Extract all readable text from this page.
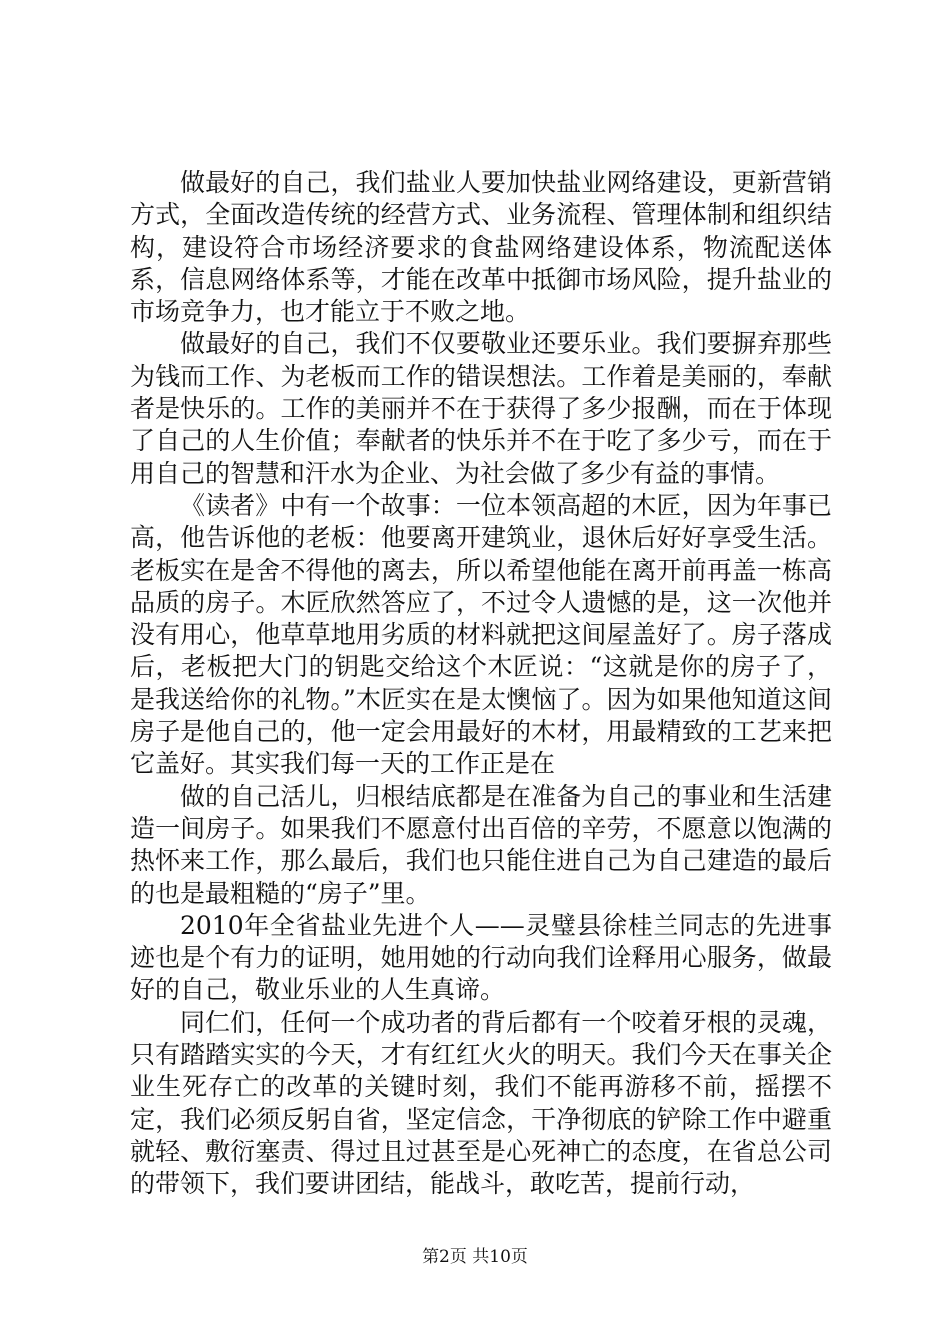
做最好的自己，我们盐业人要加快盐业网络建设，更新营销方式，全面改造传统的经营方式、业务流程、管理体制和组织结构，建设符合市场经济要求的食盐网络建设体系，物流配送体系，信息网络体系等，才能在改革中抵御市场风险，提升盐业的市场竞争力，也才能立于不败之地。

做最好的自己，我们不仅要敬业还要乐业。我们要摒弃那些为钱而工作、为老板而工作的错误想法。工作着是美丽的，奉献者是快乐的。工作的美丽并不在于获得了多少报酬，而在于体现了自己的人生价值；奉献者的快乐并不在于吃了多少亏，而在于用自己的智慧和汗水为企业、为社会做了多少有益的事情。

《读者》中有一个故事：一位本领高超的木匠，因为年事已高，他告诉他的老板：他要离开建筑业，退休后好好享受生活。老板实在是舍不得他的离去，所以希望他能在离开前再盖一栋高品质的房子。木匠欣然答应了，不过令人遗憾的是，这一次他并没有用心，他草草地用劣质的材料就把这间屋盖好了。房子落成后，老板把大门的钥匙交给这个木匠说：“这就是你的房子了，是我送给你的礼物。”木匠实在是太懊恼了。因为如果他知道这间房子是他自己的，他一定会用最好的木材，用最精致的工艺来把它盖好。其实我们每一天的工作正是在

做的自己活儿，归根结底都是在准备为自己的事业和生活建造一间房子。如果我们不愿意付出百倍的辛劳，不愿意以饱满的热怀来工作，那么最后，我们也只能住进自己为自己建造的最后的也是最粗糙的“房子”里。

2010年全省盐业先进个人——灵璧县徐桂兰同志的先进事迹也是个有力的证明，她用她的行动向我们诠释用心服务，做最好的自己，敬业乐业的人生真谛。

同仁们，任何一个成功者的背后都有一个咬着牙根的灵魂，只有踏踏实实的今天，才有红红火火的明天。我们今天在事关企业生死存亡的改革的关键时刻，我们不能再游移不前，摇摆不定，我们必须反躬自省，坚定信念，干净彻底的铲除工作中避重就轻、敷衍塞责、得过且过甚至是心死神亡的态度，在省总公司的带领下，我们要讲团结，能战斗，敢吃苦，提前行动，

第2页 共10页
